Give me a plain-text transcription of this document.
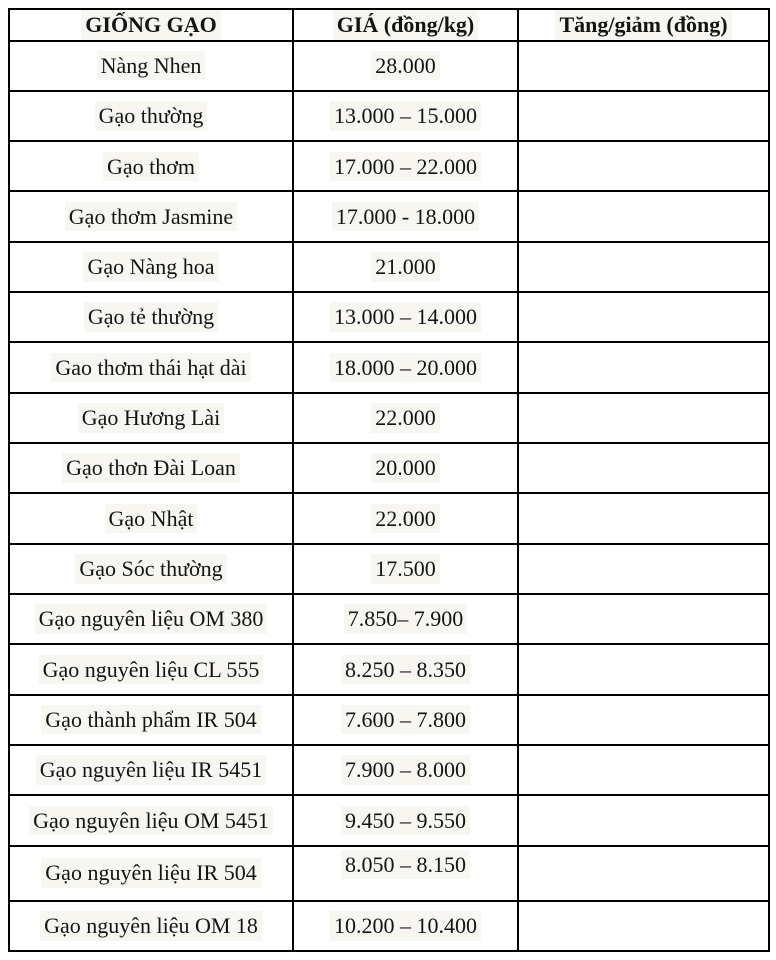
GIỐNG GẠO	GIÁ (đồng/kg)	Tăng/giảm (đồng)
Nàng Nhen	28.000	
Gạo thường	13.000 – 15.000	
Gạo thơm	17.000 – 22.000	
Gạo thơm Jasmine	17.000 - 18.000	
Gạo Nàng hoa	21.000	
Gạo tẻ thường	13.000 – 14.000	
Gao thơm thái hạt dài	18.000 – 20.000	
Gạo Hương Lài	22.000	
Gạo thơn Đài Loan	20.000	
Gạo Nhật	22.000	
Gạo Sóc thường	17.500	
Gạo nguyên liệu OM 380	7.850– 7.900	
Gạo nguyên liệu CL 555	8.250 – 8.350	
Gạo thành phẩm IR 504	7.600 – 7.800	
Gạo nguyên liệu IR 5451	7.900 – 8.000	
Gạo nguyên liệu OM 5451	9.450 – 9.550	
Gạo nguyên liệu IR 504	8.050 – 8.150	
Gạo nguyên liệu OM 18	10.200 – 10.400	
